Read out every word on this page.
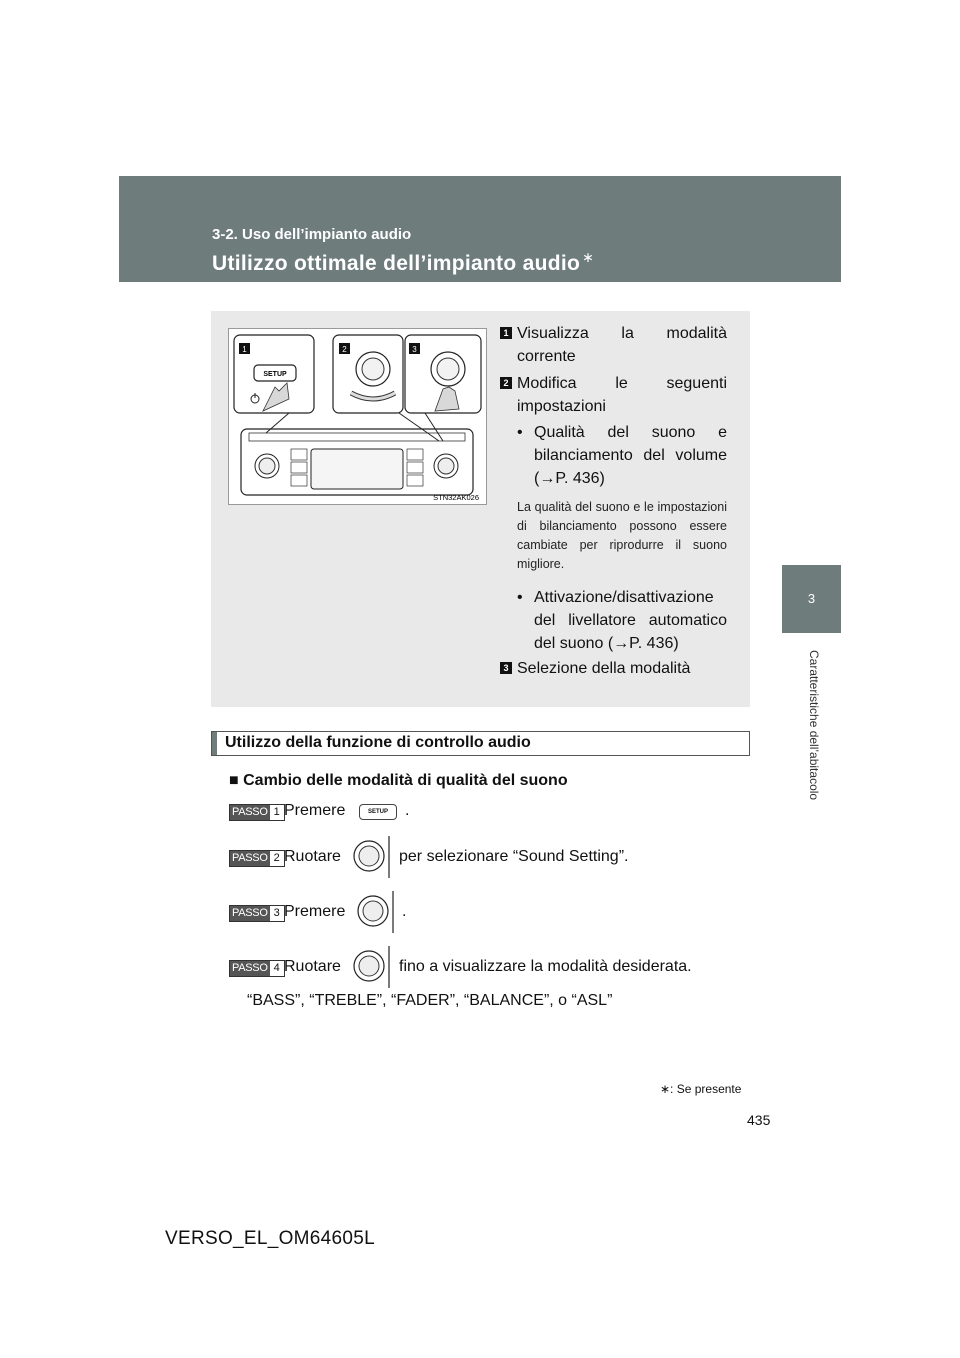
3-2. Uso dell’impianto audio
Utilizzo ottimale dell’impianto audio ∗
3
Caratteristiche dell’abitacolo
1	2	3
SETUP
STN32AK026
1 Visualizza la modalità corrente
2 Modifica le seguenti impostazioni
• Qualità del suono e bilanciamento del volume (→P. 436)
La qualità del suono e le impostazioni di bilanciamento possono essere cambiate per riprodurre il suono migliore.
• Attivazione/disattivazione del livellatore automatico del suono (→P. 436)
3 Selezione della modalità
Utilizzo della funzione di controllo audio
■ Cambio delle modalità di qualità del suono
PASSO 1 Premere	SETUP	.
PASSO 2 Ruotare	per selezionare “Sound Setting”.
PASSO 3 Premere	.
PASSO 4 Ruotare	fino a visualizzare la modalità desiderata.
“BASS”, “TREBLE”, “FADER”, “BALANCE”, o “ASL”
∗: Se presente
435
VERSO_EL_OM64605L
